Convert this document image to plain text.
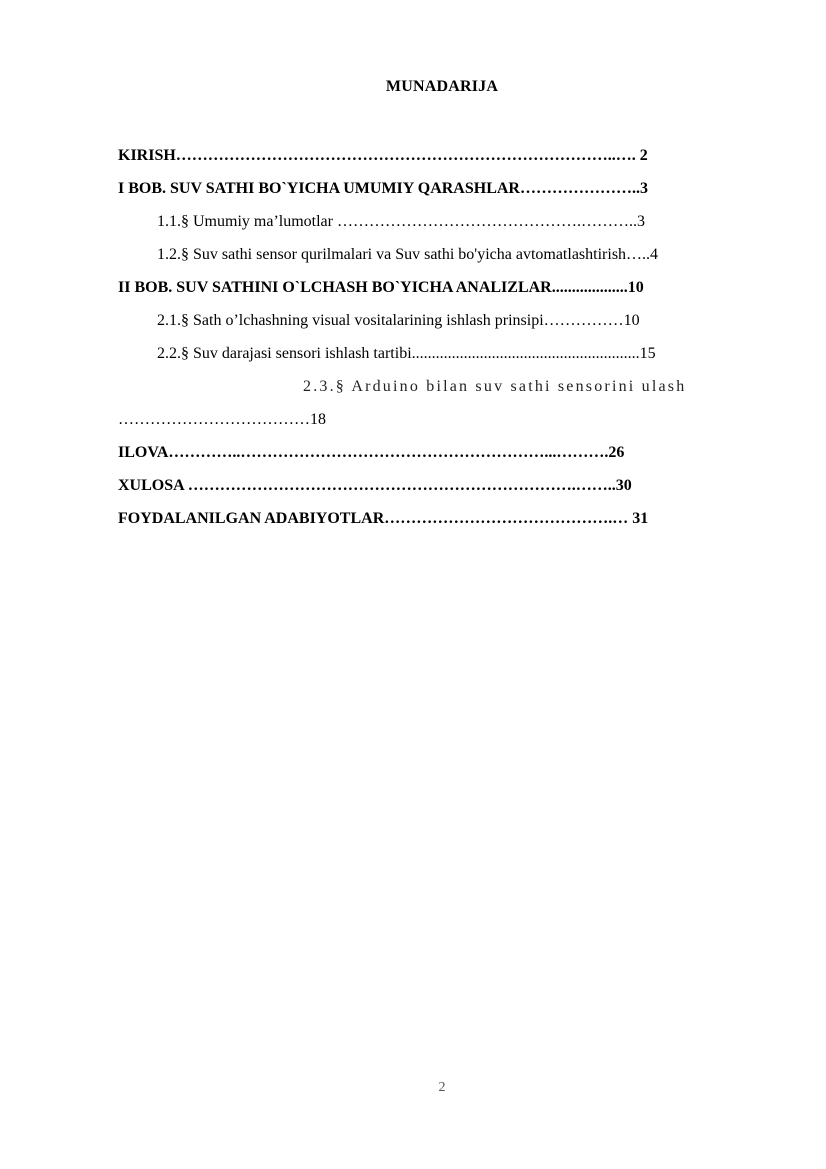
MUNADARIJA
KIRISH………………………………………………………………………..…. 2
I BOB. SUV SATHI BO`YICHA UMUMIY QARASHLAR…………………..3
1.1.§ Umumiy ma’lumotlar ……………………………………….………..3
1.2.§ Suv sathi sensor qurilmalari va Suv sathi bo'yicha avtomatlashtirish…..4
II BOB. SUV SATHINI O`LCHASH BO`YICHA ANALIZLAR...................10
2.1.§ Sath o’lchashning visual vositalarining ishlash prinsipi……………10
2.2.§ Suv darajasi sensori ishlash tartibi.........................................................15
2.3.§ Arduino bilan suv sathi sensorini ulash
………………………………18
ILOVA…………..…………………………………………………...……….26
XULOSA ……………………………………………………………….……..30
FOYDALANILGAN ADABIYOTLAR…………………………………….… 31
2
